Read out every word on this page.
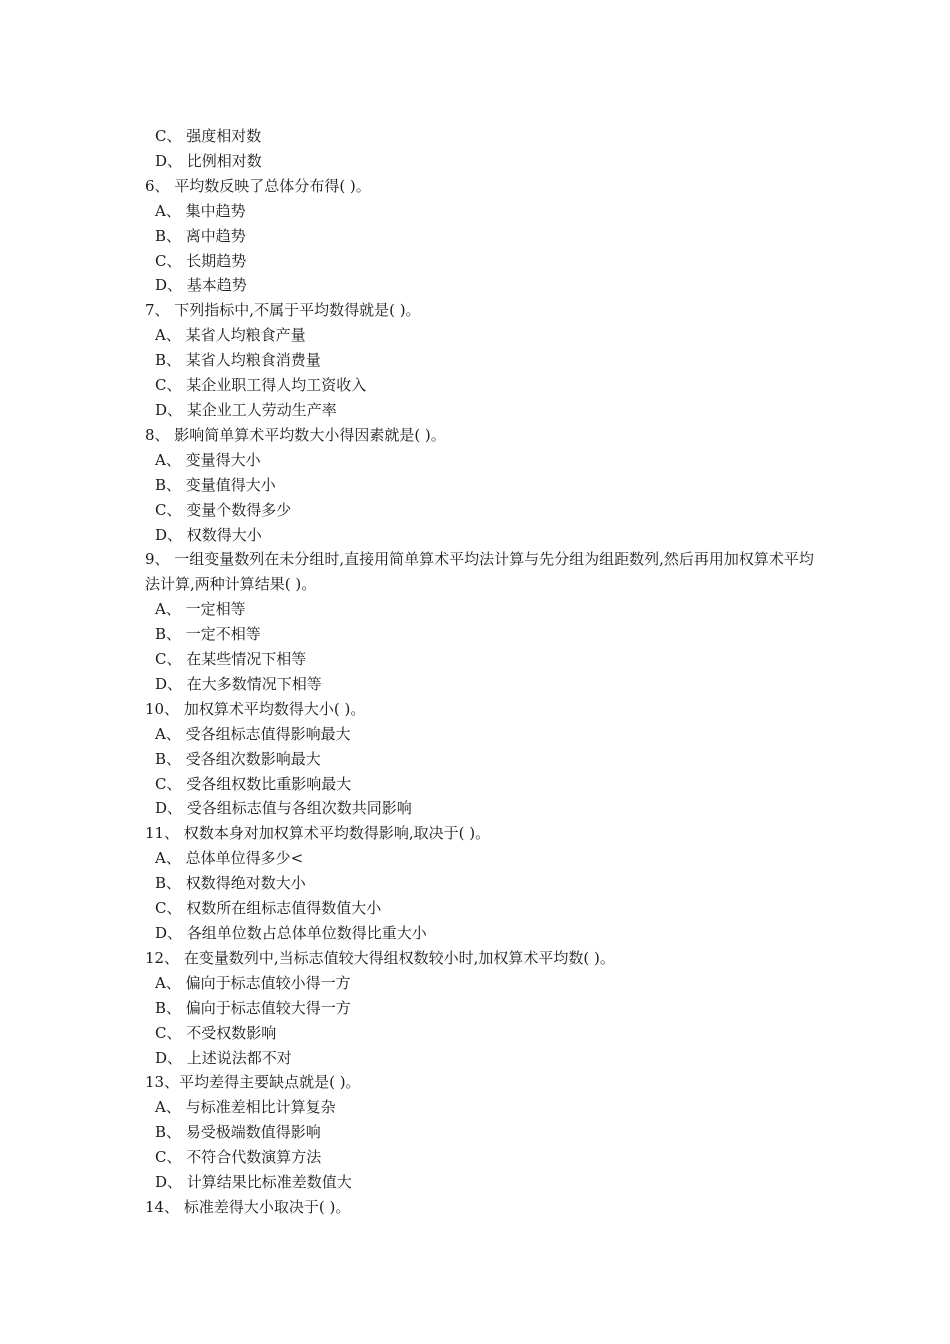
C、 强度相对数
D、 比例相对数
6、 平均数反映了总体分布得( )。
A、 集中趋势
B、 离中趋势
C、 长期趋势
D、 基本趋势
7、 下列指标中,不属于平均数得就是( )。
A、 某省人均粮食产量
B、 某省人均粮食消费量
C、 某企业职工得人均工资收入
D、 某企业工人劳动生产率
8、 影响简单算术平均数大小得因素就是( )。
A、 变量得大小
B、 变量值得大小
C、 变量个数得多少
D、 权数得大小
9、 一组变量数列在未分组时,直接用简单算术平均法计算与先分组为组距数列,然后再用加权算术平均法计算,两种计算结果( )。
A、 一定相等
B、 一定不相等
C、 在某些情况下相等
D、 在大多数情况下相等
10、 加权算术平均数得大小( )。
A、 受各组标志值得影响最大
B、 受各组次数影响最大
C、 受各组权数比重影响最大
D、 受各组标志值与各组次数共同影响
11、 权数本身对加权算术平均数得影响,取决于( )。
A、 总体单位得多少<
B、 权数得绝对数大小
C、 权数所在组标志值得数值大小
D、 各组单位数占总体单位数得比重大小
12、 在变量数列中,当标志值较大得组权数较小时,加权算术平均数( )。
A、 偏向于标志值较小得一方
B、 偏向于标志值较大得一方
C、 不受权数影响
D、 上述说法都不对
13、平均差得主要缺点就是( )。
A、 与标准差相比计算复杂
B、 易受极端数值得影响
C、 不符合代数演算方法
D、 计算结果比标准差数值大
14、 标准差得大小取决于( )。
